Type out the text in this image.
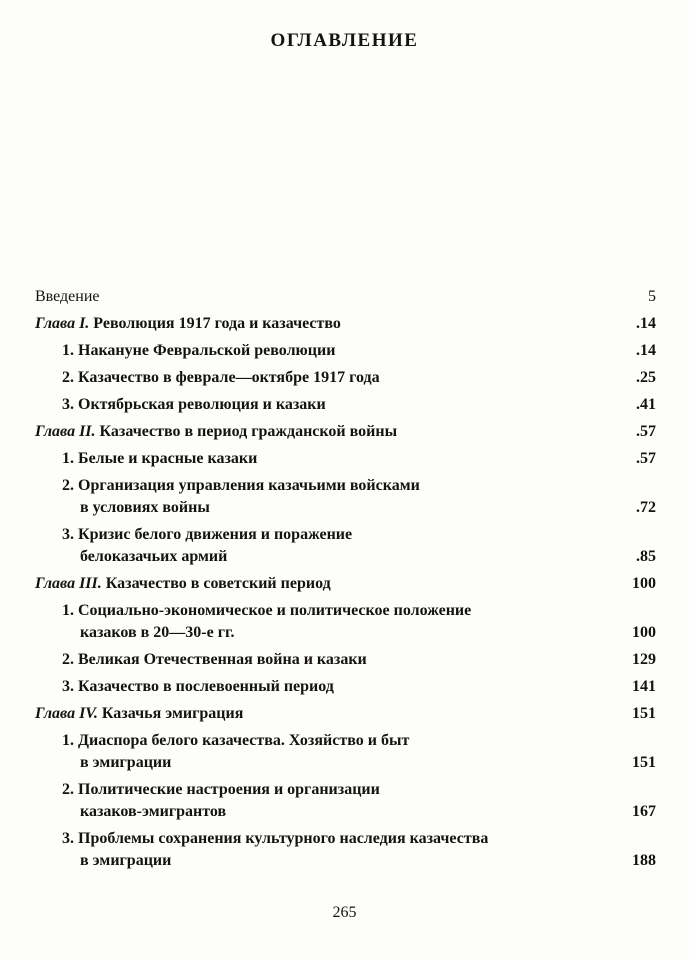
ОГЛАВЛЕНИЕ
Введение	5
Глава I. Революция 1917 года и казачество	.14
1. Накануне Февральской революции	.14
2. Казачество в феврале—октябре 1917 года	.25
3. Октябрьская революция и казаки	.41
Глава II. Казачество в период гражданской войны	.57
1. Белые и красные казаки	.57
2. Организация управления казачьими войсками
в условиях войны	.72
3. Кризис белого движения и поражение
белоказачьих армий	.85
Глава III. Казачество в советский период	100
1. Социально-экономическое и политическое положение
казаков в 20—30-е гг.	100
2. Великая Отечественная война и казаки	129
3. Казачество в послевоенный период	141
Глава IV. Казачья эмиграция	151
1. Диаспора белого казачества. Хозяйство и быт
в эмиграции	151
2. Политические настроения и организации
казаков-эмигрантов	167
3. Проблемы сохранения культурного наследия казачества
в эмиграции	188
265
